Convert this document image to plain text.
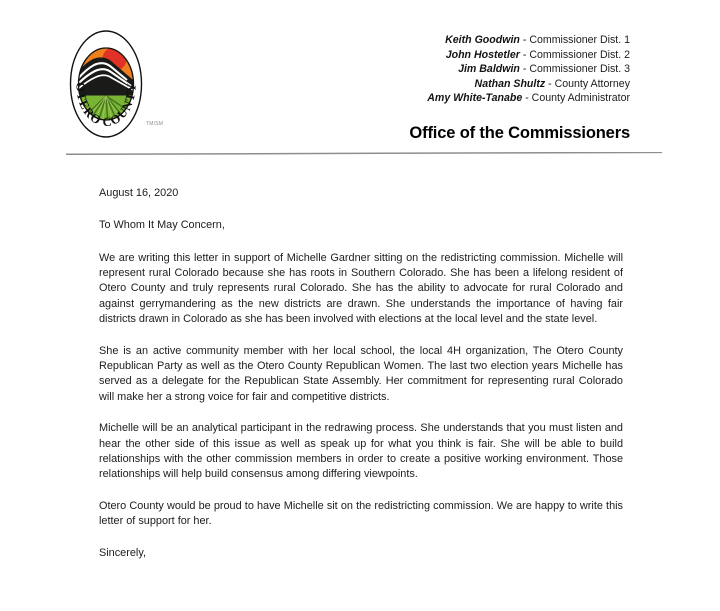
OTERO COUNTY
TM/SM
Keith Goodwin - Commissioner Dist. 1
John Hostetler - Commissioner Dist. 2
Jim Baldwin - Commissioner Dist. 3
Nathan Shultz - County Attorney
Amy White-Tanabe - County Administrator
Office of the Commissioners
August 16, 2020
To Whom It May Concern,

We are writing this letter in support of Michelle Gardner sitting on the redistricting commission. Michelle will represent rural Colorado because she has roots in Southern Colorado. She has been a lifelong resident of Otero County and truly represents rural Colorado. She has the ability to advocate for rural Colorado and against gerrymandering as the new districts are drawn. She understands the importance of having fair districts drawn in Colorado as she has been involved with elections at the local level and the state level.

She is an active community member with her local school, the local 4H organization, The Otero County Republican Party as well as the Otero County Republican Women. The last two election years Michelle has served as a delegate for the Republican State Assembly. Her commitment for representing rural Colorado will make her a strong voice for fair and competitive districts.

Michelle will be an analytical participant in the redrawing process. She understands that you must listen and hear the other side of this issue as well as speak up for what you think is fair. She will be able to build relationships with the other commission members in order to create a positive working environment. Those relationships will help build consensus among differing viewpoints.

Otero County would be proud to have Michelle sit on the redistricting commission. We are happy to write this letter of support for her.

Sincerely,
